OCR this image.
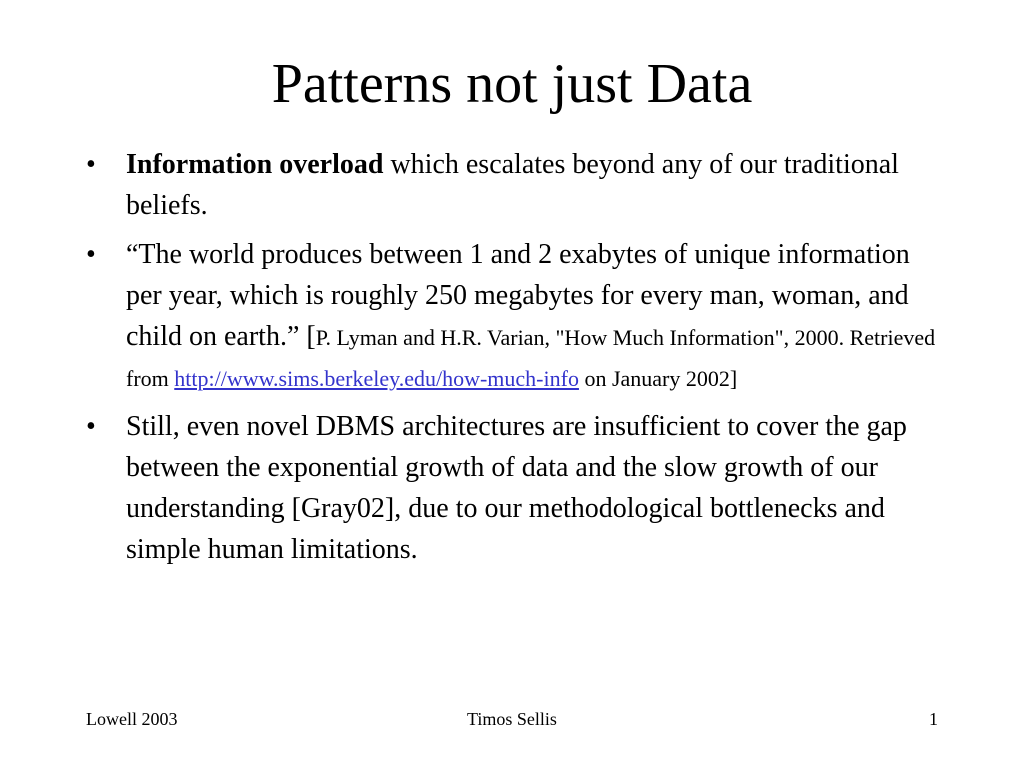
Patterns not just Data
•	Information overload which escalates beyond any of our traditional beliefs.
•	“The world produces between 1 and 2 exabytes of unique information per year, which is roughly 250 megabytes for every man, woman, and child on earth.” [P. Lyman and H.R. Varian, "How Much Information", 2000. Retrieved from http://www.sims.berkeley.edu/how-much-info on January 2002]
•	Still, even novel DBMS architectures are insufficient to cover the gap between the exponential growth of data and the slow growth of our understanding [Gray02], due to our methodological bottlenecks and simple human limitations.
Lowell 2003	Timos Sellis	1
